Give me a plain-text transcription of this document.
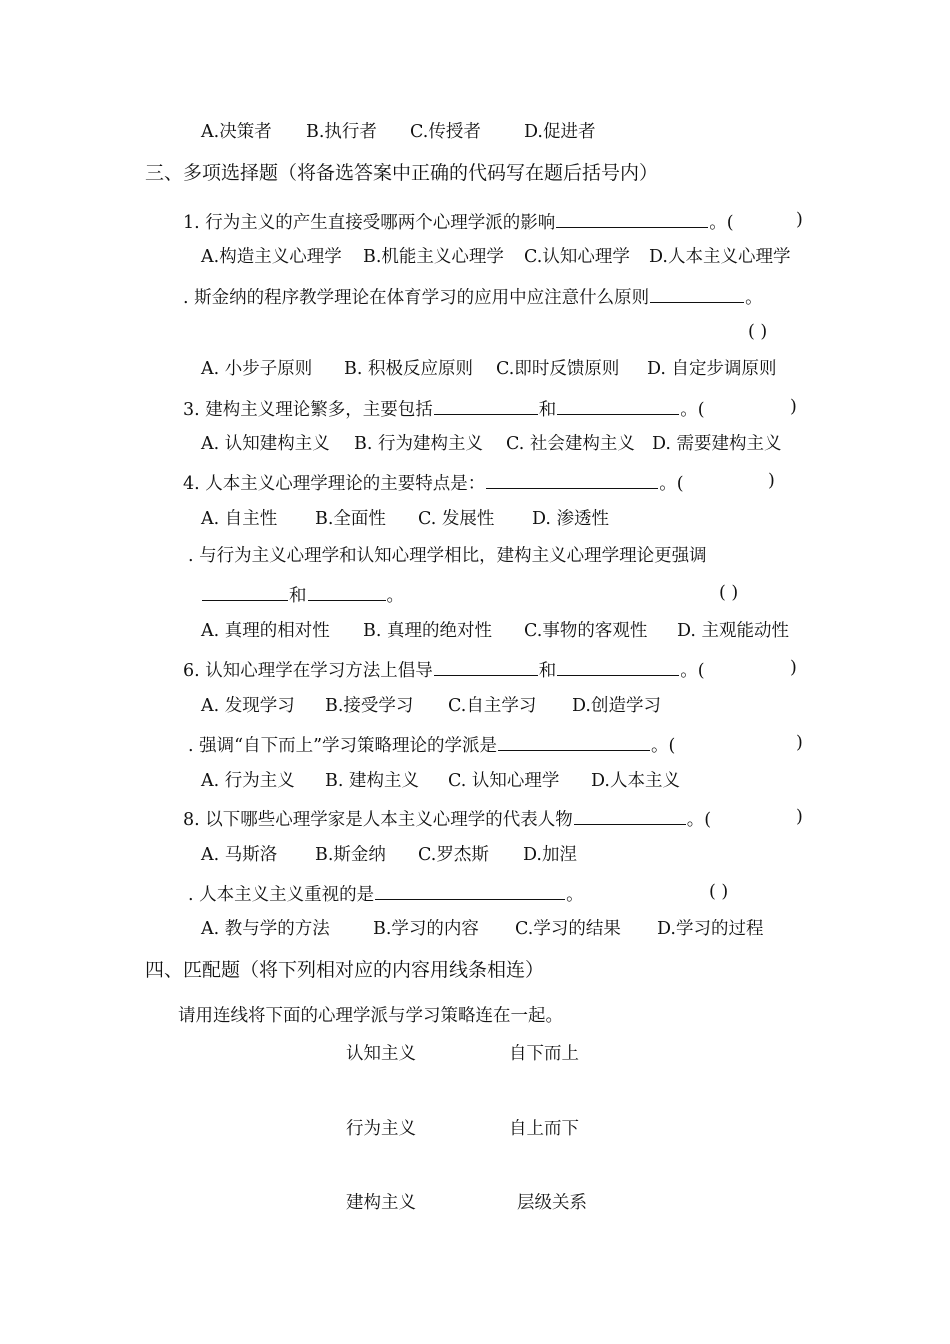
A.决策者 B.执行者 C.传授者 D.促进者
三、多项选择题（将备选答案中正确的代码写在题后括号内）
1. 行为主义的产生直接受哪两个心理学派的影响	。(	)
A.构造主义心理学 B.机能主义心理学 C.认知心理学 D.人本主义心理学
. 斯金纳的程序教学理论在体育学习的应用中应注意什么原则	。
( )
A. 小步子原则 B. 积极反应原则 C.即时反馈原则 D. 自定步调原则
3. 建构主义理论繁多，主要包括	和	。(	)
A. 认知建构主义 B. 行为建构主义 C. 社会建构主义 D. 需要建构主义
4. 人本主义心理学理论的主要特点是：	。(	)
A. 自主性 B.全面性 C. 发展性 D. 渗透性
. 与行为主义心理学和认知心理学相比，建构主义心理学理论更强调
和	。	( )
A. 真理的相对性 B. 真理的绝对性 C.事物的客观性 D. 主观能动性
6. 认知心理学在学习方法上倡导	和	。(	)
A. 发现学习 B.接受学习 C.自主学习 D.创造学习
. 强调“自下而上”学习策略理论的学派是	。(	)
A. 行为主义 B. 建构主义 C. 认知心理学 D.人本主义
8. 以下哪些心理学家是人本主义心理学的代表人物	。(	)
A. 马斯洛 B.斯金纳 C.罗杰斯 D.加涅
. 人本主义主义重视的是	。	( )
A. 教与学的方法 B.学习的内容 C.学习的结果 D.学习的过程
四、匹配题（将下列相对应的内容用线条相连）
请用连线将下面的心理学派与学习策略连在一起。
认知主义	自下而上
行为主义	自上而下
建构主义	层级关系
